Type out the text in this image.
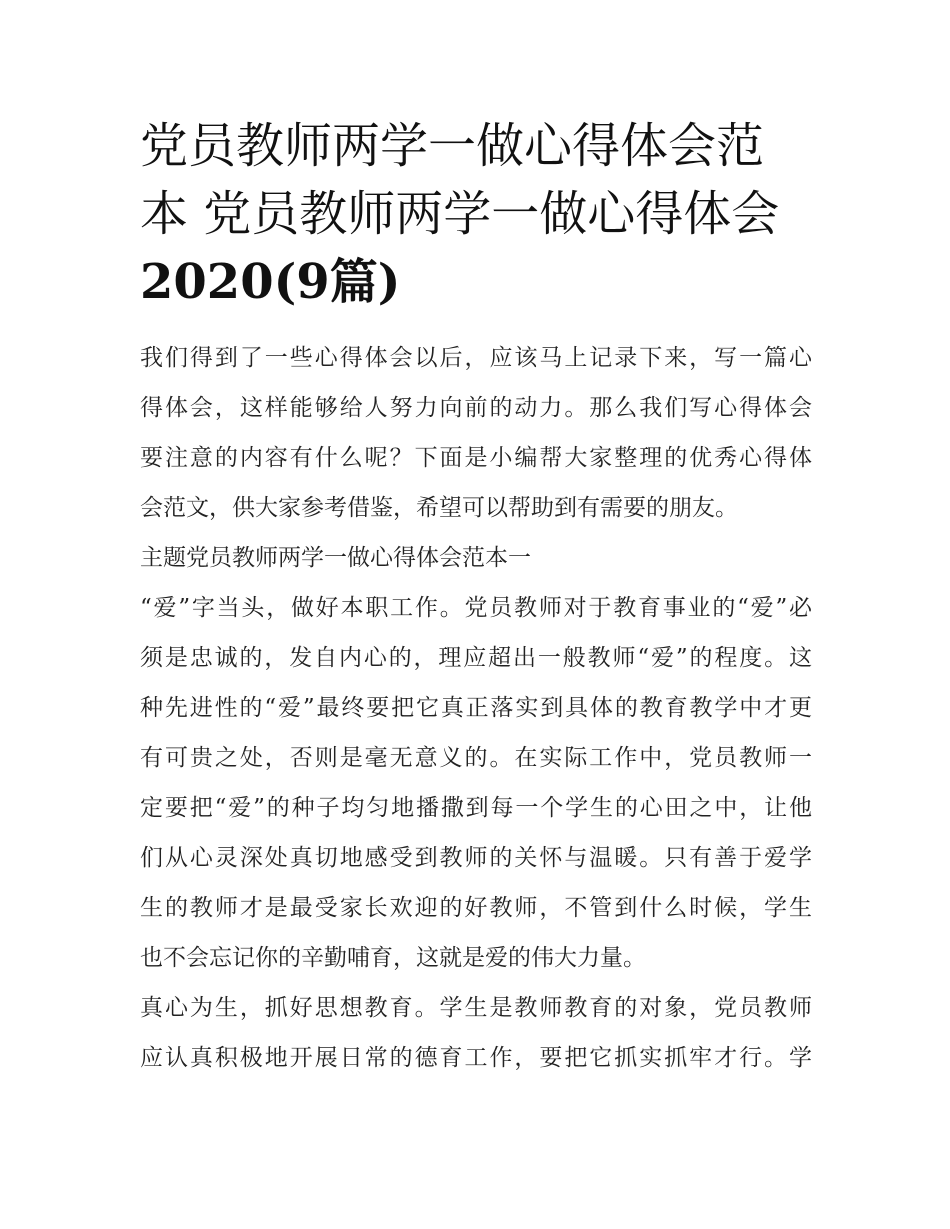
党员教师两学一做心得体会范
本 党员教师两学一做心得体会
2020(9篇)

我们得到了一些心得体会以后，应该马上记录下来，写一篇心
得体会，这样能够给人努力向前的动力。那么我们写心得体会
要注意的内容有什么呢？下面是小编帮大家整理的优秀心得体
会范文，供大家参考借鉴，希望可以帮助到有需要的朋友。

主题党员教师两学一做心得体会范本一

“爱”字当头，做好本职工作。党员教师对于教育事业的“爱”必
须是忠诚的，发自内心的，理应超出一般教师“爱”的程度。这
种先进性的“爱”最终要把它真正落实到具体的教育教学中才更
有可贵之处，否则是毫无意义的。在实际工作中，党员教师一
定要把“爱”的种子均匀地播撒到每一个学生的心田之中，让他
们从心灵深处真切地感受到教师的关怀与温暖。只有善于爱学
生的教师才是最受家长欢迎的好教师，不管到什么时候，学生
也不会忘记你的辛勤哺育，这就是爱的伟大力量。

真心为生，抓好思想教育。学生是教师教育的对象，党员教师
应认真积极地开展日常的德育工作，要把它抓实抓牢才行。学
